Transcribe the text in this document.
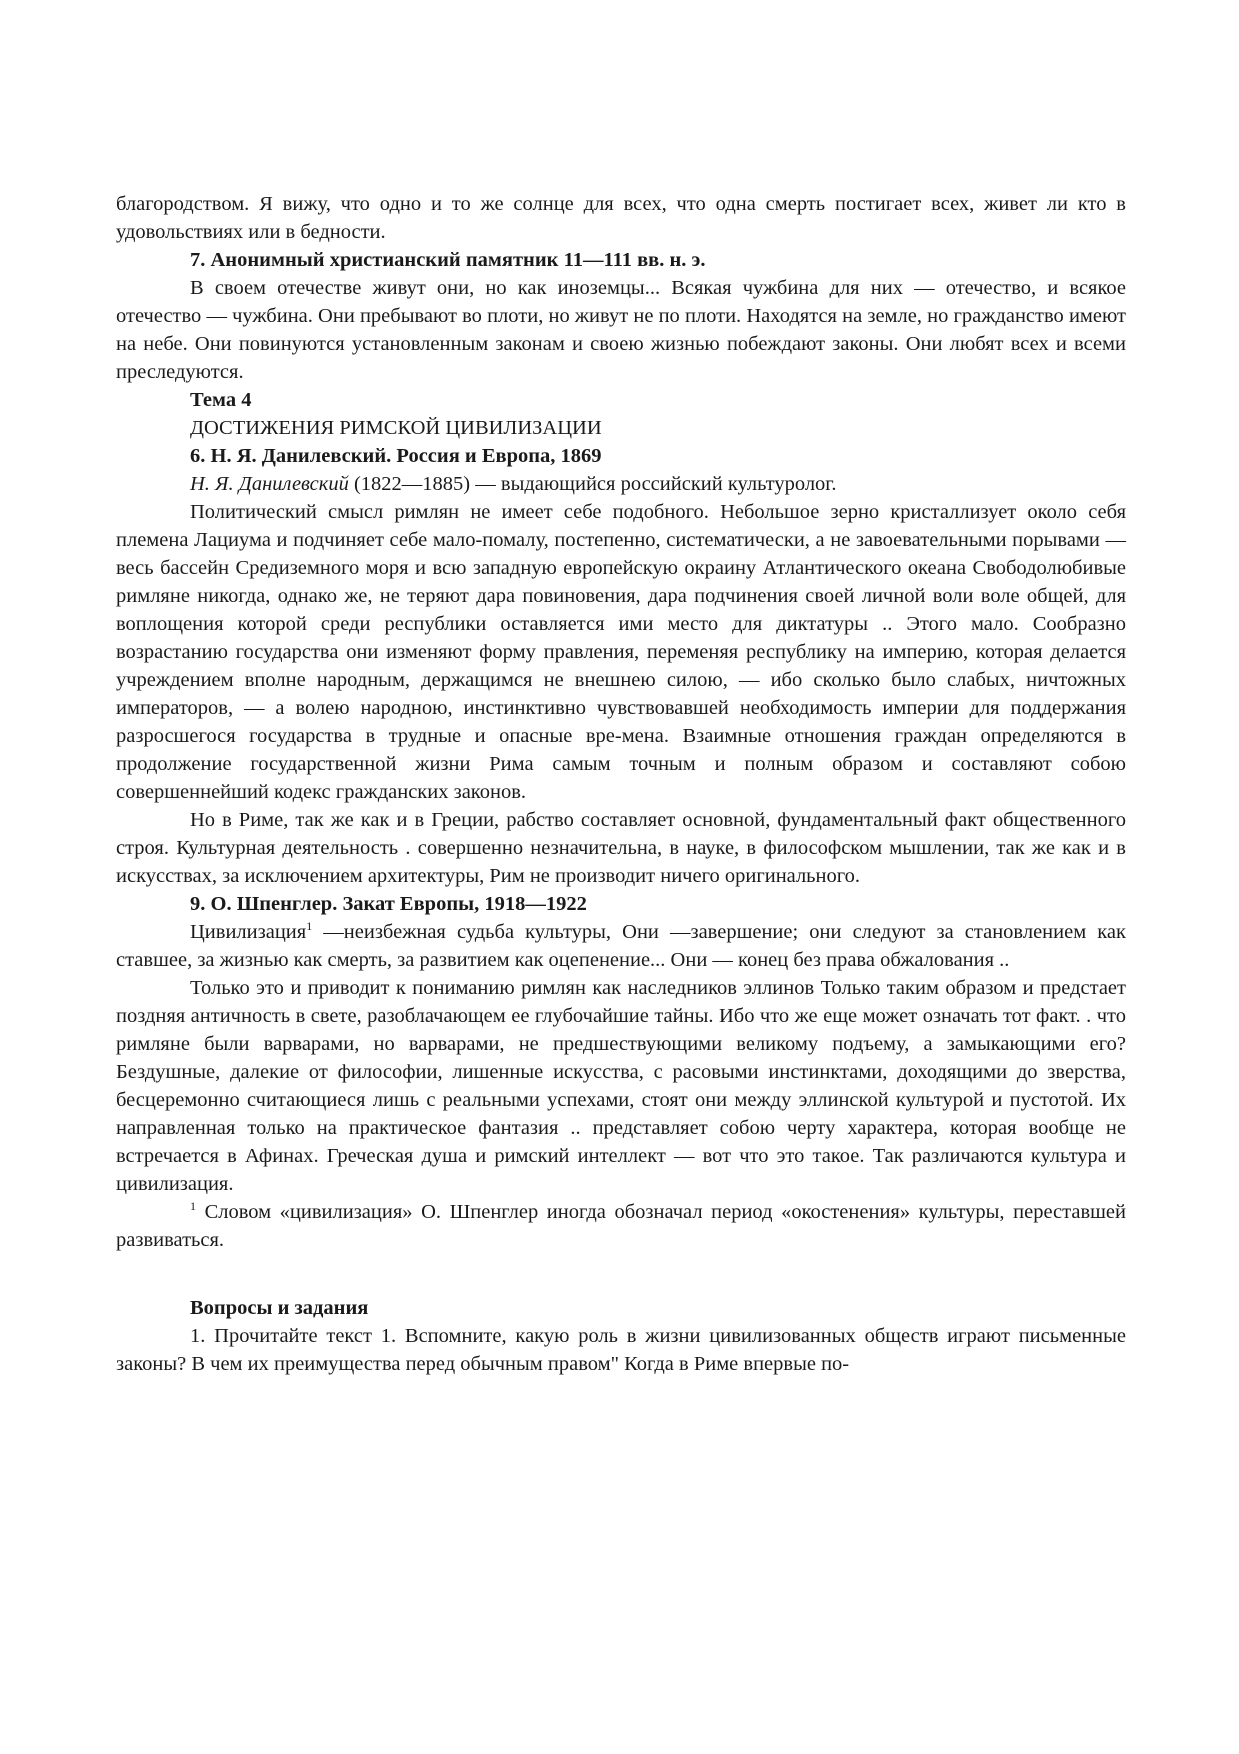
благородством. Я вижу, что одно и то же солнце для всех, что одна смерть постигает всех, живет ли кто в удовольствиях или в бедности.

7. Анонимный христианский памятник 11—111 вв. н. э.

В своем отечестве живут они, но как иноземцы... Всякая чужбина для них — отечество, и всякое отечество — чужбина. Они пребывают во плоти, но живут не по плоти. Находятся на земле, но гражданство имеют на небе. Они повинуются установленным законам и своею жизнью побеждают законы. Они любят всех и всеми преследуются.

Тема 4
ДОСТИЖЕНИЯ РИМСКОЙ ЦИВИЛИЗАЦИИ
6. Н. Я. Данилевский. Россия и Европа, 1869

Н. Я. Данилевский (1822—1885) — выдающийся российский культуролог.

Политический смысл римлян не имеет себе подобного. Небольшое зерно кристаллизует около себя племена Лациума и подчиняет себе мало-помалу, постепенно, систематически, а не завоевательными порывами — весь бассейн Средиземного моря и всю западную европейскую окраину Атлантического океана Свободолюбивые римляне никогда, однако же, не теряют дара повиновения, дара подчинения своей личной воли воле общей, для воплощения которой среди республики оставляется ими место для диктатуры .. Этого мало. Сообразно возрастанию государства они изменяют форму правления, переменяя республику на империю, которая делается учреждением вполне народным, держащимся не внешнею силою, — ибо сколько было слабых, ничтожных императоров, — а волею народною, инстинктивно чувствовавшей необходимость империи для поддержания разросшегося государства в трудные и опасные вре-мена. Взаимные отношения граждан определяются в продолжение государственной жизни Рима самым точным и полным образом и составляют собою совершеннейший кодекс гражданских законов.

Но в Риме, так же как и в Греции, рабство составляет основной, фундаментальный факт общественного строя. Культурная деятельность . совершенно незначительна, в науке, в философском мышлении, так же как и в искусствах, за исключением архитектуры, Рим не производит ничего оригинального.

9. О. Шпенглер. Закат Европы, 1918—1922

Цивилизация$^1$ —неизбежная судьба культуры, Они —завершение; они следуют за становлением как ставшее, за жизнью как смерть, за развитием как оцепенение... Они — конец без права обжалования ..

Только это и приводит к пониманию римлян как наследников эллинов Только таким образом и предстает поздняя античность в свете, разоблачающем ее глубочайшие тайны. Ибо что же еще может означать тот факт. . что римляне были варварами, но варварами, не предшествующими великому подъему, а замыкающими его? Бездушные, далекие от философии, лишенные искусства, с расовыми инстинктами, доходящими до зверства, бесцеремонно считающиеся лишь с реальными успехами, стоят они между эллинской культурой и пустотой. Их направленная только на практическое фантазия .. представляет собою черту характера, которая вообще не встречается в Афинах. Греческая душа и римский интеллект — вот что это такое. Так различаются культура и цивилизация.

$^1$ Словом «цивилизация» О. Шпенглер иногда обозначал период «окостенения» культуры, переставшей развиваться.

Вопросы и задания

1. Прочитайте текст 1. Вспомните, какую роль в жизни цивилизованных обществ играют письменные законы? В чем их преимущества перед обычным правом" Когда в Риме впервые по-
